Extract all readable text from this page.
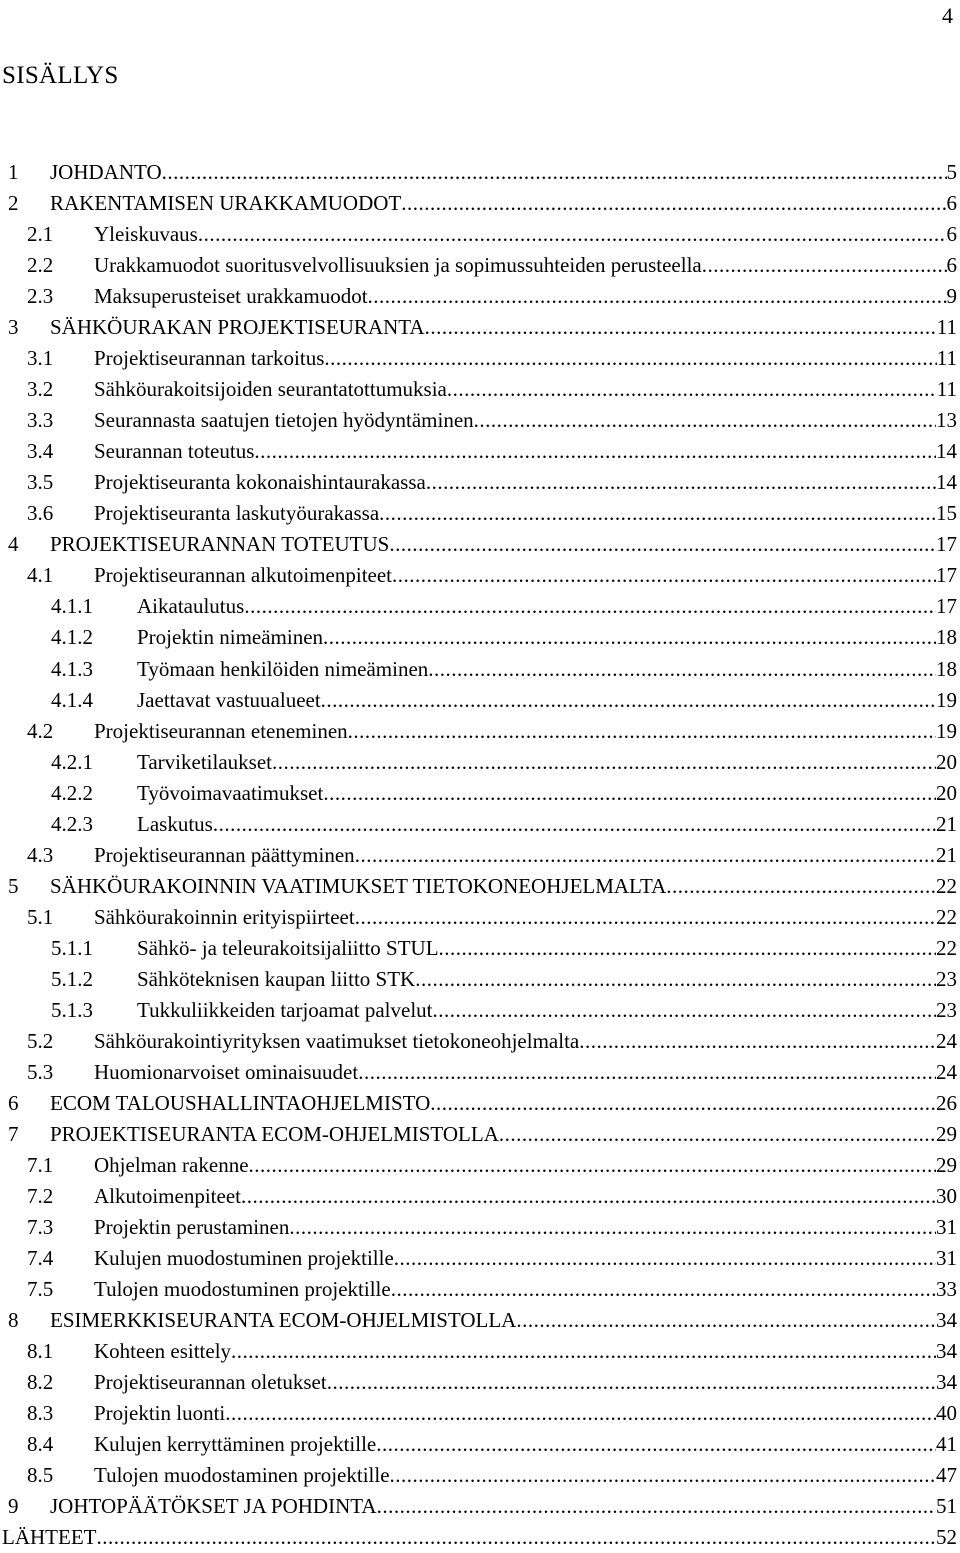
4
SISÄLLYS
1 JOHDANTO .....	5
2 RAKENTAMISEN URAKKAMUODOT .....	6
2.1 Yleiskuvaus .....	6
2.2 Urakkamuodot suoritusvelvollisuuksien ja sopimussuhteiden perusteella .....	6
2.3 Maksuperusteiset urakkamuodot .....	9
3 SÄHKÖURAKAN PROJEKTISEURANTA .....	11
3.1 Projektiseurannan tarkoitus .....	11
3.2 Sähköurakoitsijoiden seurantatottumuksia .....	11
3.3 Seurannasta saatujen tietojen hyödyntäminen .....	13
3.4 Seurannan toteutus .....	14
3.5 Projektiseuranta kokonaishintaurakassa .....	14
3.6 Projektiseuranta laskutyöurakassa .....	15
4 PROJEKTISEURANNAN TOTEUTUS .....	17
4.1 Projektiseurannan alkutoimenpiteet .....	17
4.1.1 Aikataulutus .....	17
4.1.2 Projektin nimeäminen .....	18
4.1.3 Työmaan henkilöiden nimeäminen .....	18
4.1.4 Jaettavat vastuualueet .....	19
4.2 Projektiseurannan eteneminen .....	19
4.2.1 Tarviketilaukset .....	20
4.2.2 Työvoimavaatimukset .....	20
4.2.3 Laskutus .....	21
4.3 Projektiseurannan päättyminen .....	21
5 SÄHKÖURAKOINNIN VAATIMUKSET TIETOKONEOHJELMALTA .....	22
5.1 Sähköurakoinnin erityispiirteet .....	22
5.1.1 Sähkö- ja teleurakoitsijaliitto STUL .....	22
5.1.2 Sähköteknisen kaupan liitto STK .....	23
5.1.3 Tukkuliikkeiden tarjoamat palvelut .....	23
5.2 Sähköurakointiyrityksen vaatimukset tietokoneohjelmalta .....	24
5.3 Huomionarvoiset ominaisuudet .....	24
6 ECOM TALOUSHALLINTAOHJELMISTO .....	26
7 PROJEKTISEURANTA ECOM-OHJELMISTOLLA .....	29
7.1 Ohjelman rakenne .....	29
7.2 Alkutoimenpiteet .....	30
7.3 Projektin perustaminen .....	31
7.4 Kulujen muodostuminen projektille .....	31
7.5 Tulojen muodostuminen projektille .....	33
8 ESIMERKKISEURANTA ECOM-OHJELMISTOLLA .....	34
8.1 Kohteen esittely .....	34
8.2 Projektiseurannan oletukset .....	34
8.3 Projektin luonti .....	40
8.4 Kulujen kerryttäminen projektille .....	41
8.5 Tulojen muodostaminen projektille .....	47
9 JOHTOPÄÄTÖKSET JA POHDINTA .....	51
LÄHTEET .....	52
